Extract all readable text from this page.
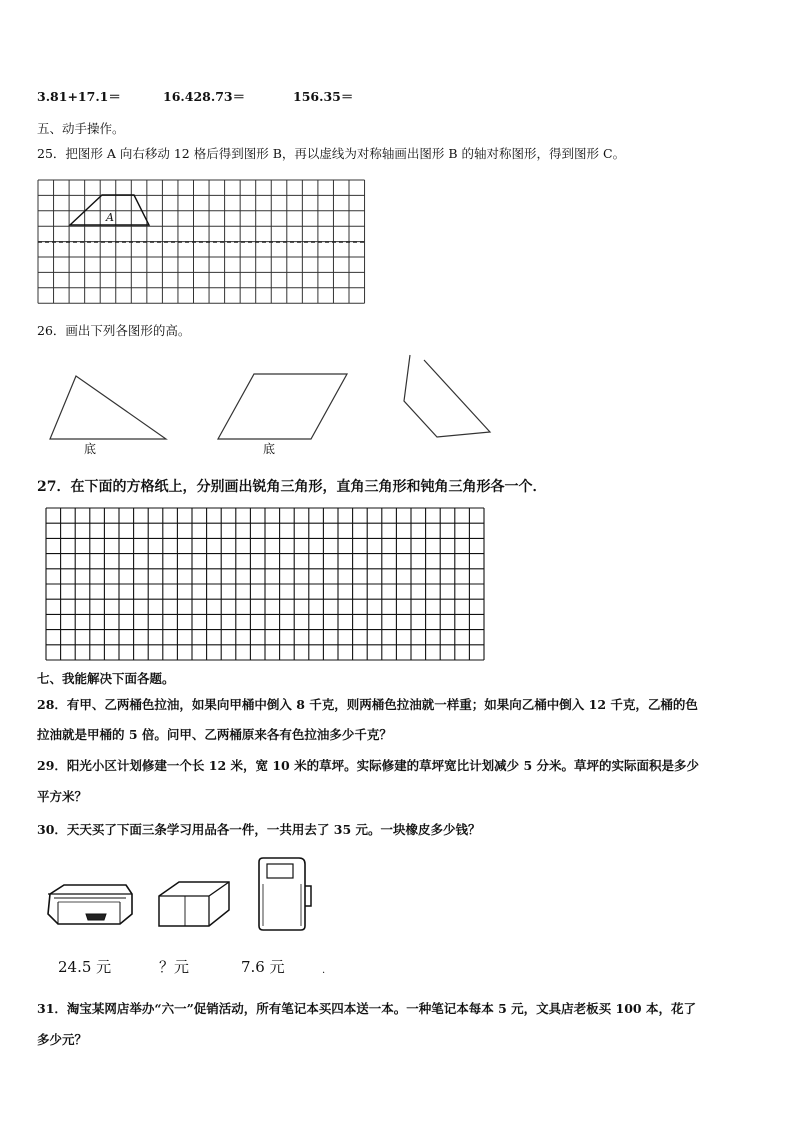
3.81+17.1＝	16.428.73＝	156.35＝
五、动手操作。
25．把图形 A 向右移动 12 格后得到图形 B，再以虚线为对称轴画出图形 B 的轴对称图形，得到图形 C。
A
26．画出下列各图形的高。
底	底
27．在下面的方格纸上，分别画出锐角三角形，直角三角形和钝角三角形各一个．
七、我能解决下面各题。
28．有甲、乙两桶色拉油，如果向甲桶中倒入 8 千克，则两桶色拉油就一样重；如果向乙桶中倒入 12 千克，乙桶的色
拉油就是甲桶的 5 倍。问甲、乙两桶原来各有色拉油多少千克？
29．阳光小区计划修建一个长 12 米，宽 10 米的草坪。实际修建的草坪宽比计划减少 5 分米。草坪的实际面积是多少
平方米？
30．天天买了下面三条学习用品各一件，一共用去了 35 元。一块橡皮多少钱？
24.5 元	？元	7.6 元	.
31．淘宝某网店举办“六一”促销活动，所有笔记本买四本送一本。一种笔记本每本 5 元，文具店老板买 100 本，花了
多少元？
